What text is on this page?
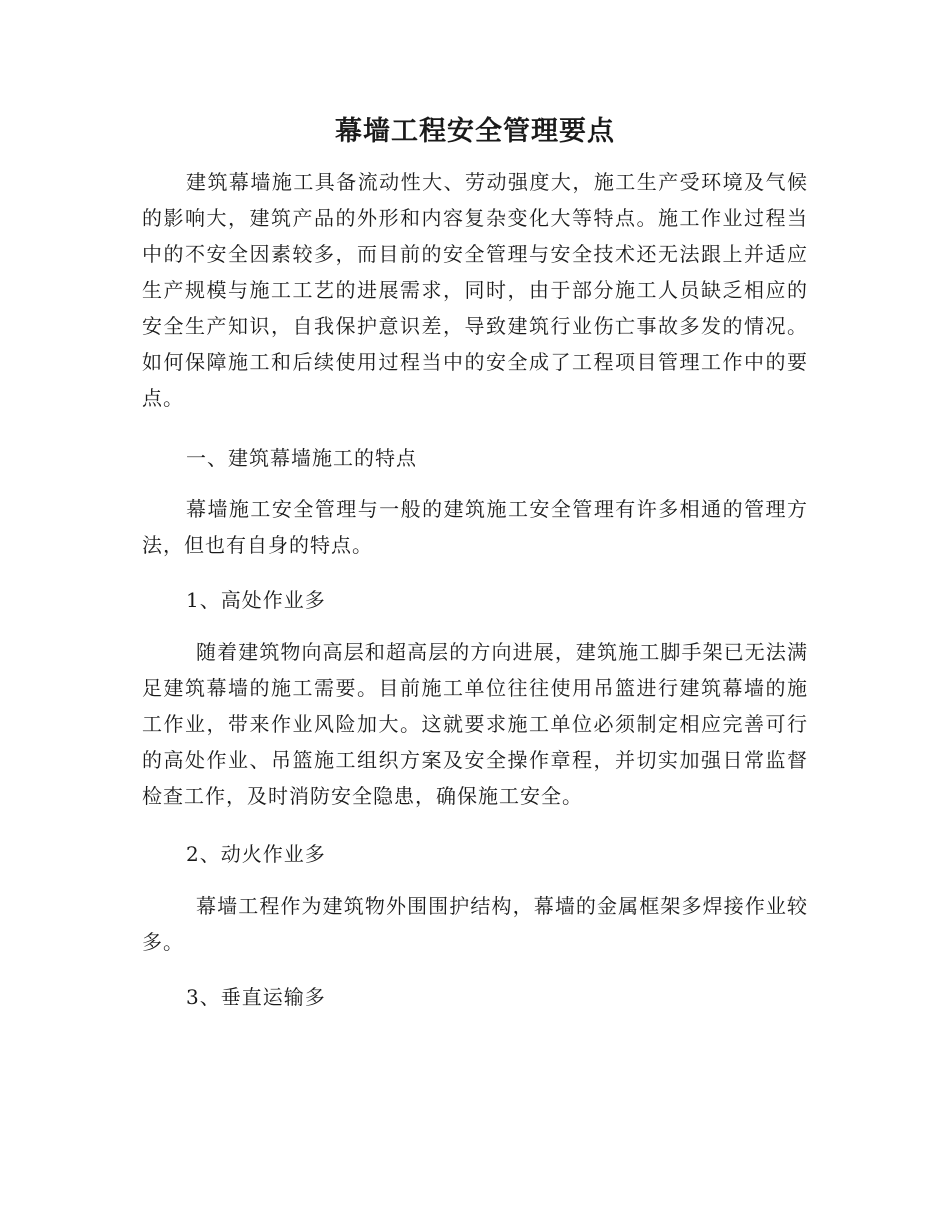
幕墙工程安全管理要点

建筑幕墙施工具备流动性大、劳动强度大，施工生产受环境及气候的影响大，建筑产品的外形和内容复杂变化大等特点。施工作业过程当中的不安全因素较多，而目前的安全管理与安全技术还无法跟上并适应生产规模与施工工艺的进展需求，同时，由于部分施工人员缺乏相应的安全生产知识，自我保护意识差，导致建筑行业伤亡事故多发的情况。如何保障施工和后续使用过程当中的安全成了工程项目管理工作中的要点。

一、建筑幕墙施工的特点

幕墙施工安全管理与一般的建筑施工安全管理有许多相通的管理方法，但也有自身的特点。

1、高处作业多

随着建筑物向高层和超高层的方向进展，建筑施工脚手架已无法满足建筑幕墙的施工需要。目前施工单位往往使用吊篮进行建筑幕墙的施工作业，带来作业风险加大。这就要求施工单位必须制定相应完善可行的高处作业、吊篮施工组织方案及安全操作章程，并切实加强日常监督检查工作，及时消防安全隐患，确保施工安全。

2、动火作业多

幕墙工程作为建筑物外围围护结构，幕墙的金属框架多焊接作业较多。

3、垂直运输多
